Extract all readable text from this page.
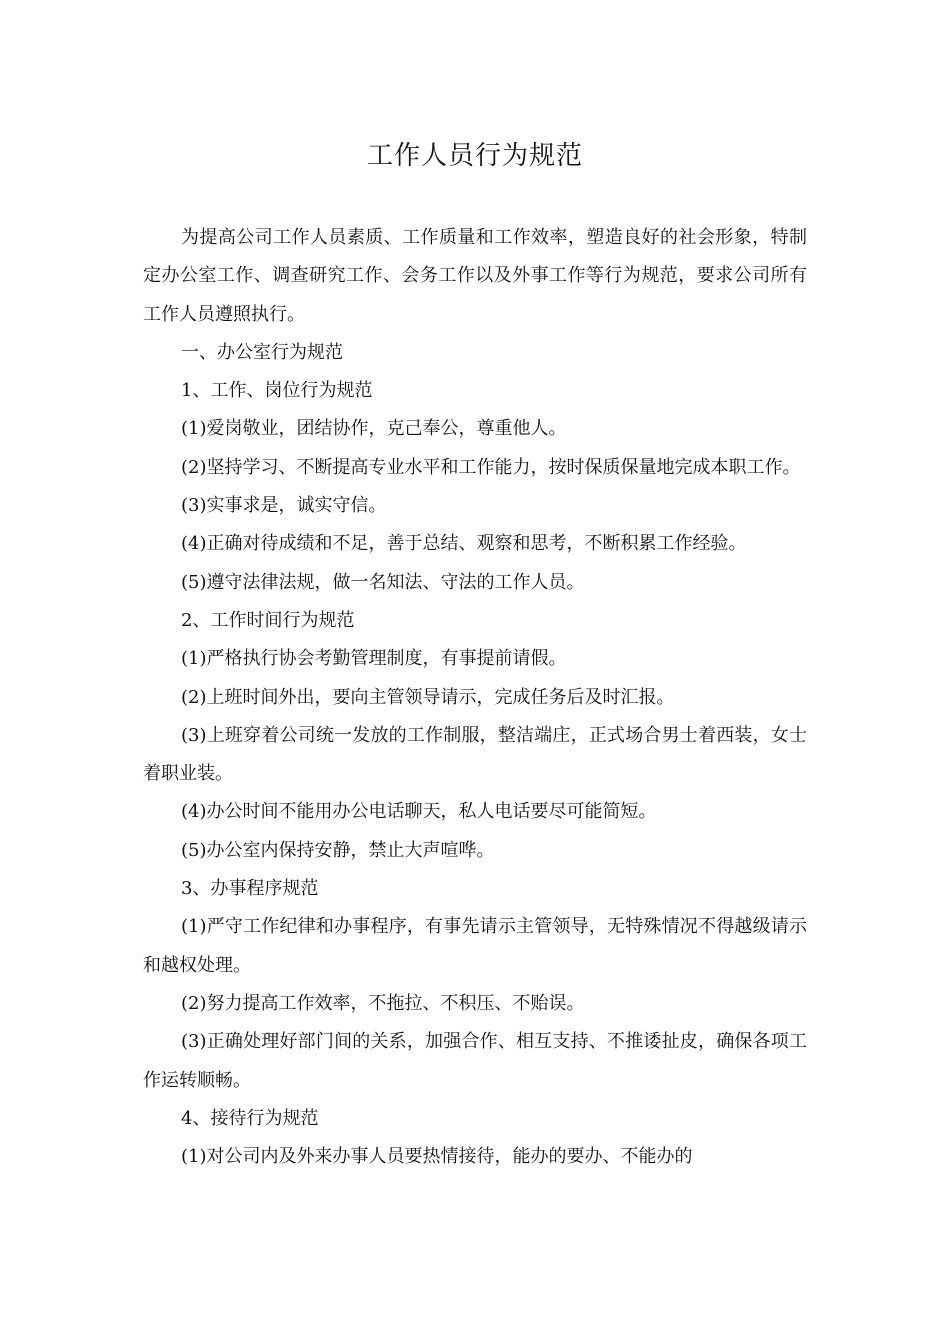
工作人员行为规范

为提高公司工作人员素质、工作质量和工作效率，塑造良好的社会形象，特制定办公室工作、调查研究工作、会务工作以及外事工作等行为规范，要求公司所有工作人员遵照执行。

一、办公室行为规范

1、工作、岗位行为规范

(1)爱岗敬业，团结协作，克己奉公，尊重他人。

(2)坚持学习、不断提高专业水平和工作能力，按时保质保量地完成本职工作。

(3)实事求是，诚实守信。

(4)正确对待成绩和不足，善于总结、观察和思考，不断积累工作经验。

(5)遵守法律法规，做一名知法、守法的工作人员。

2、工作时间行为规范

(1)严格执行协会考勤管理制度，有事提前请假。

(2)上班时间外出，要向主管领导请示，完成任务后及时汇报。

(3)上班穿着公司统一发放的工作制服，整洁端庄，正式场合男士着西装，女士着职业装。

(4)办公时间不能用办公电话聊天，私人电话要尽可能简短。

(5)办公室内保持安静，禁止大声喧哗。

3、办事程序规范

(1)严守工作纪律和办事程序，有事先请示主管领导，无特殊情况不得越级请示和越权处理。

(2)努力提高工作效率，不拖拉、不积压、不贻误。

(3)正确处理好部门间的关系，加强合作、相互支持、不推诿扯皮，确保各项工作运转顺畅。

4、接待行为规范

(1)对公司内及外来办事人员要热情接待，能办的要办、不能办的
